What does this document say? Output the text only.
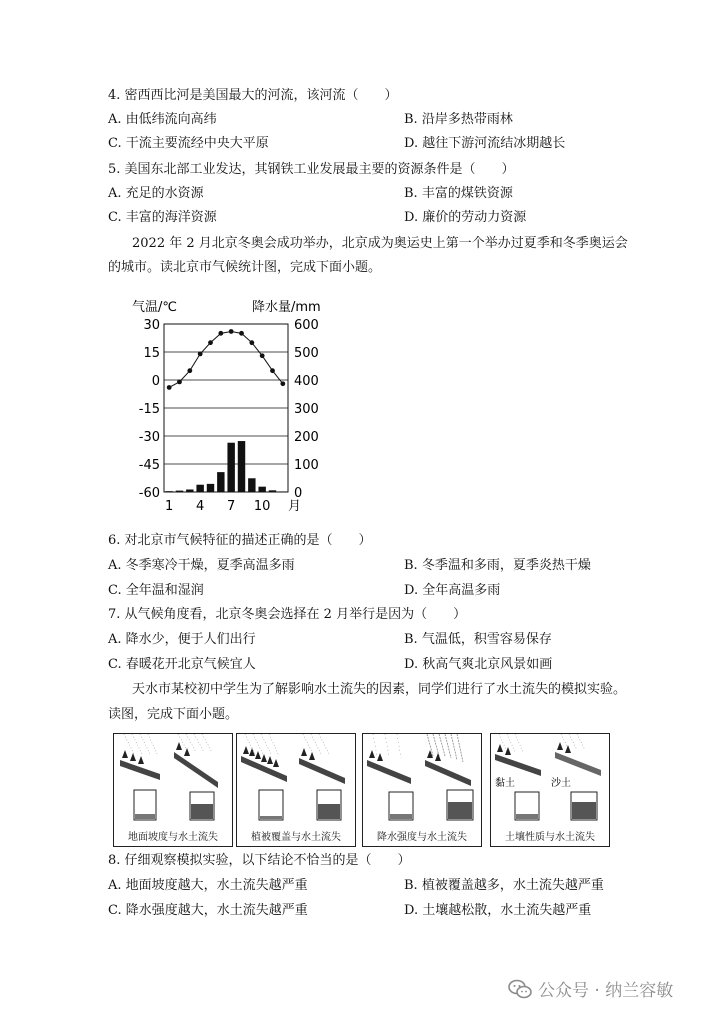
4. 密西西比河是美国最大的河流，该河流（　　）
A. 由低纬流向高纬	B. 沿岸多热带雨林
C. 干流主要流经中央大平原	D. 越往下游河流结冰期越长
5. 美国东北部工业发达，其钢铁工业发展最主要的资源条件是（　　）
A. 充足的水资源	B. 丰富的煤铁资源
C. 丰富的海洋资源	D. 廉价的劳动力资源
2022 年 2 月北京冬奥会成功举办，北京成为奥运史上第一个举办过夏季和冬季奥运会
的城市。读北京市气候统计图，完成下面小题。
气温/℃	降水量/mm
30
15
0
-15
-30
-45
-60
600
500
400
300
200
100
0
1 4 7 10 月
6. 对北京市气候特征的描述正确的是（　　）
A. 冬季寒冷干燥，夏季高温多雨	B. 冬季温和多雨，夏季炎热干燥
C. 全年温和湿润	D. 全年高温多雨
7. 从气候角度看，北京冬奥会选择在 2 月举行是因为（　　）
A. 降水少，便于人们出行	B. 气温低，积雪容易保存
C. 春暖花开北京气候宜人	D. 秋高气爽北京风景如画
天水市某校初中学生为了解影响水土流失的因素，同学们进行了水土流失的模拟实验。
读图，完成下面小题。
地面坡度与水土流失	植被覆盖与水土流失	降水强度与水土流失
黏土	沙土
土壤性质与水土流失
8. 仔细观察模拟实验，以下结论不恰当的是（　　）
A. 地面坡度越大，水土流失越严重	B. 植被覆盖越多，水土流失越严重
C. 降水强度越大，水土流失越严重	D. 土壤越松散，水土流失越严重
公众号 · 纳兰容敏
